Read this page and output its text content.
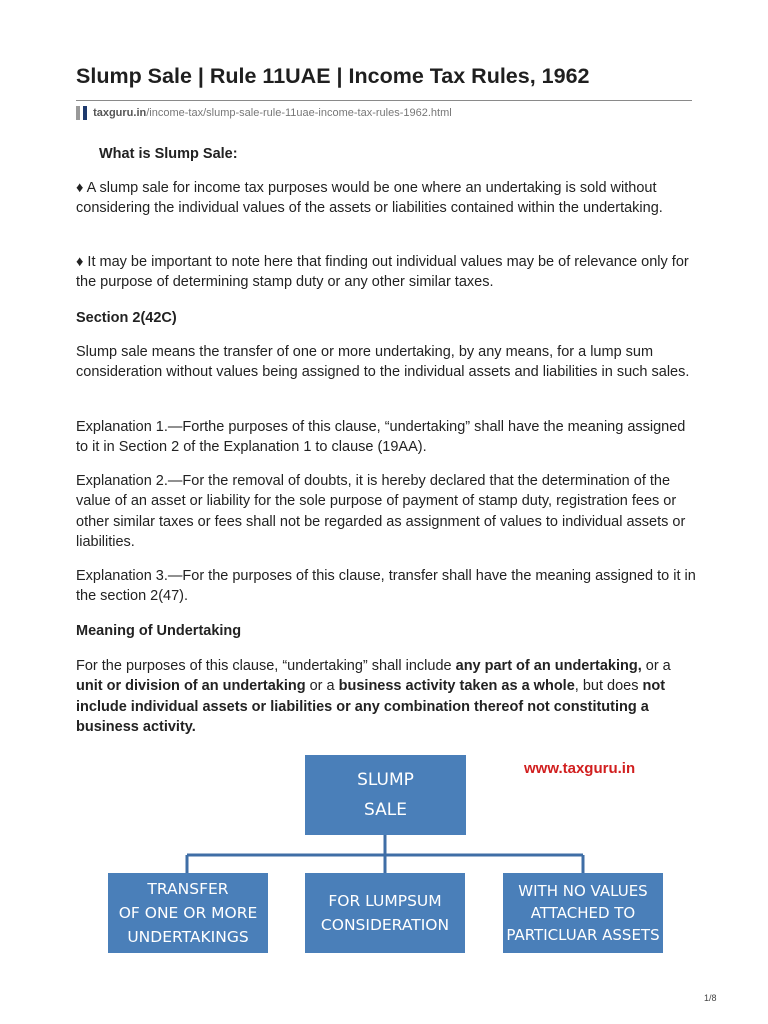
Slump Sale | Rule 11UAE | Income Tax Rules, 1962
taxguru.in/income-tax/slump-sale-rule-11uae-income-tax-rules-1962.html

What is Slump Sale:

♦ A slump sale for income tax purposes would be one where an undertaking is sold without considering the individual values of the assets or liabilities contained within the undertaking.

♦ It may be important to note here that finding out individual values may be of relevance only for the purpose of determining stamp duty or any other similar taxes.

Section 2(42C)

Slump sale means the transfer of one or more undertaking, by any means, for a lump sum consideration without values being assigned to the individual assets and liabilities in such sales.

Explanation 1.—Forthe purposes of this clause, “undertaking” shall have the meaning assigned to it in Section 2 of the Explanation 1 to clause (19AA).

Explanation 2.—For the removal of doubts, it is hereby declared that the determination of the value of an asset or liability for the sole purpose of payment of stamp duty, registration fees or other similar taxes or fees shall not be regarded as assignment of values to individual assets or liabilities.

Explanation 3.—For the purposes of this clause, transfer shall have the meaning assigned to it in the section 2(47).

Meaning of Undertaking

For the purposes of this clause, “undertaking” shall include any part of an undertaking, or a unit or division of an undertaking or a business activity taken as a whole, but does not include individual assets or liabilities or any combination thereof not constituting a business activity.

SLUMP
SALE
www.taxguru.in
TRANSFER
OF ONE OR MORE
UNDERTAKINGS
FOR LUMPSUM
CONSIDERATION
WITH NO VALUES
ATTACHED TO
PARTICLUAR ASSETS
1/8
